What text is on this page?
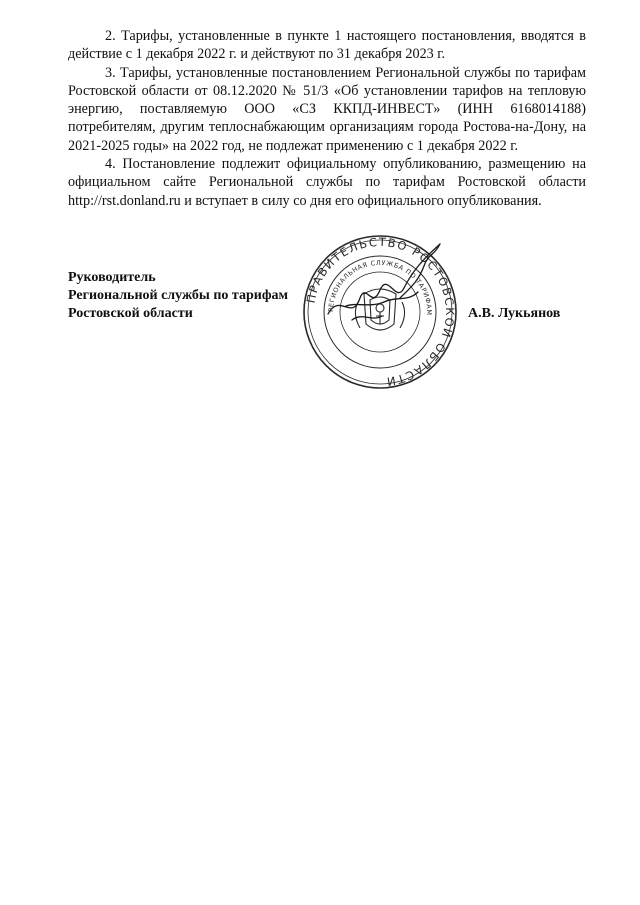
2. Тарифы, установленные в пункте 1 настоящего постановления, вводятся в действие с 1 декабря 2022 г. и действуют по 31 декабря 2023 г.

3. Тарифы, установленные постановлением Региональной службы по тарифам Ростовской области от 08.12.2020 № 51/3 «Об установлении тарифов на тепловую энергию, поставляемую ООО «СЗ ККПД-ИНВЕСТ» (ИНН 6168014188) потребителям, другим теплоснабжающим организациям города Ростова-на-Дону, на 2021-2025 годы» на 2022 год, не подлежат применению с 1 декабря 2022 г.

4. Постановление подлежит официальному опубликованию, размещению на официальном сайте Региональной службы по тарифам Ростовской области http://rst.donland.ru и вступает в силу со дня его официального опубликования.

Руководитель
Региональной службы по тарифам
Ростовской области
ПРАВИТЕЛЬСТВО РОСТОВСКОЙ ОБЛАСТИ
РЕГИОНАЛЬНАЯ СЛУЖБА ПО ТАРИФАМ А.В. Лукьянов
